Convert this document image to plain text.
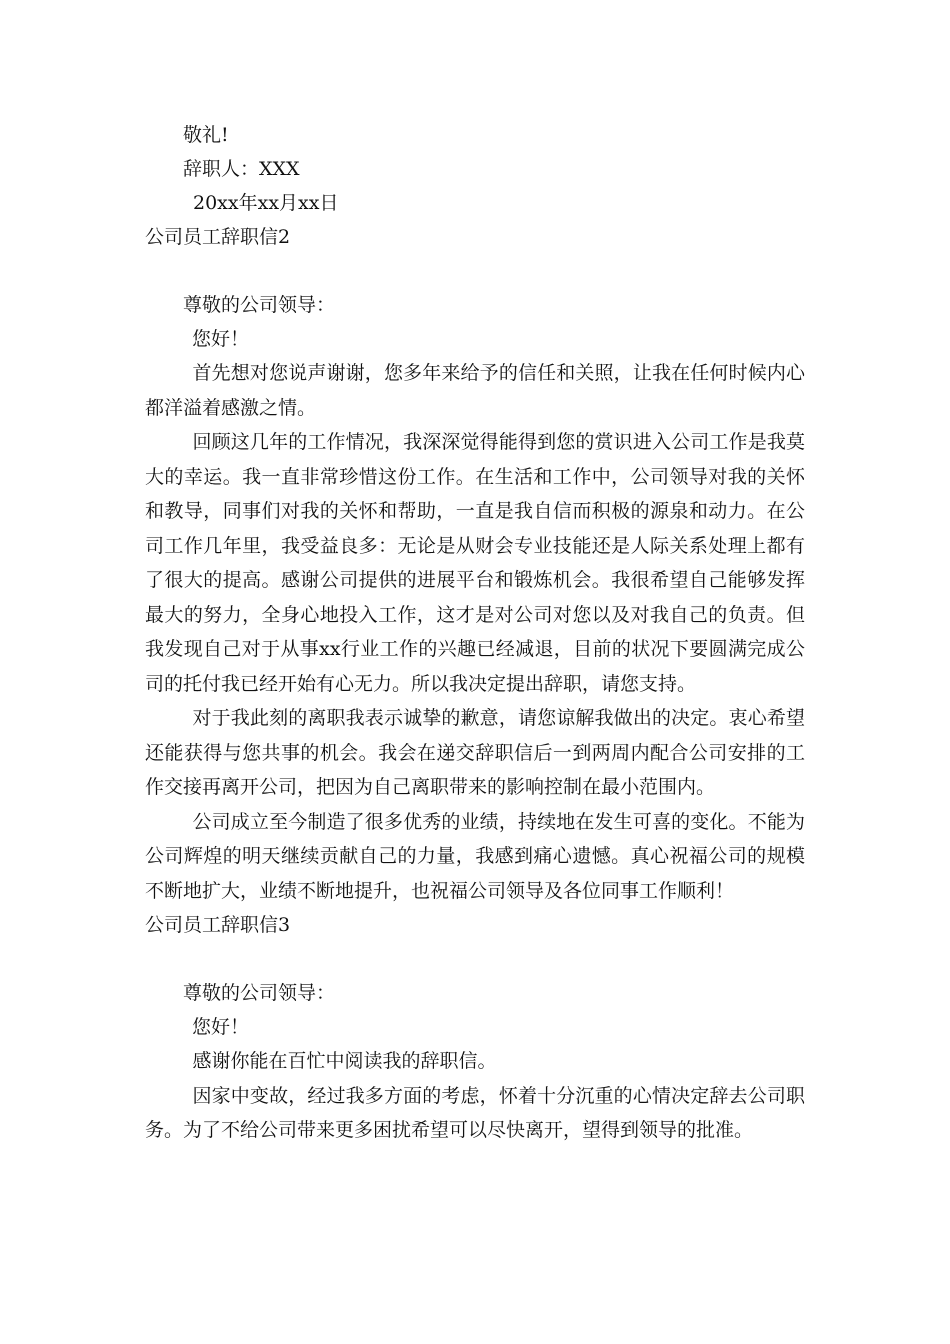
敬礼!
辞职人：XXX
20xx年xx月xx日
公司员工辞职信2
尊敬的公司领导：
您好！

首先想对您说声谢谢，您多年来给予的信任和关照，让我在任何时候内心都洋溢着感激之情。

回顾这几年的工作情况，我深深觉得能得到您的赏识进入公司工作是我莫大的幸运。我一直非常珍惜这份工作。在生活和工作中，公司领导对我的关怀和教导，同事们对我的关怀和帮助，一直是我自信而积极的源泉和动力。在公司工作几年里，我受益良多：无论是从财会专业技能还是人际关系处理上都有了很大的提高。感谢公司提供的进展平台和锻炼机会。我很希望自己能够发挥最大的努力，全身心地投入工作，这才是对公司对您以及对我自己的负责。但我发现自己对于从事xx行业工作的兴趣已经减退，目前的状况下要圆满完成公司的托付我已经开始有心无力。所以我决定提出辞职，请您支持。

对于我此刻的离职我表示诚挚的歉意，请您谅解我做出的决定。衷心希望还能获得与您共事的机会。我会在递交辞职信后一到两周内配合公司安排的工作交接再离开公司，把因为自己离职带来的影响控制在最小范围内。

公司成立至今制造了很多优秀的业绩，持续地在发生可喜的变化。不能为公司辉煌的明天继续贡献自己的力量，我感到痛心遗憾。真心祝福公司的规模不断地扩大，业绩不断地提升，也祝福公司领导及各位同事工作顺利！

公司员工辞职信3
尊敬的公司领导：
您好！

感谢你能在百忙中阅读我的辞职信。

因家中变故，经过我多方面的考虑，怀着十分沉重的心情决定辞去公司职务。为了不给公司带来更多困扰希望可以尽快离开，望得到领导的批准。
